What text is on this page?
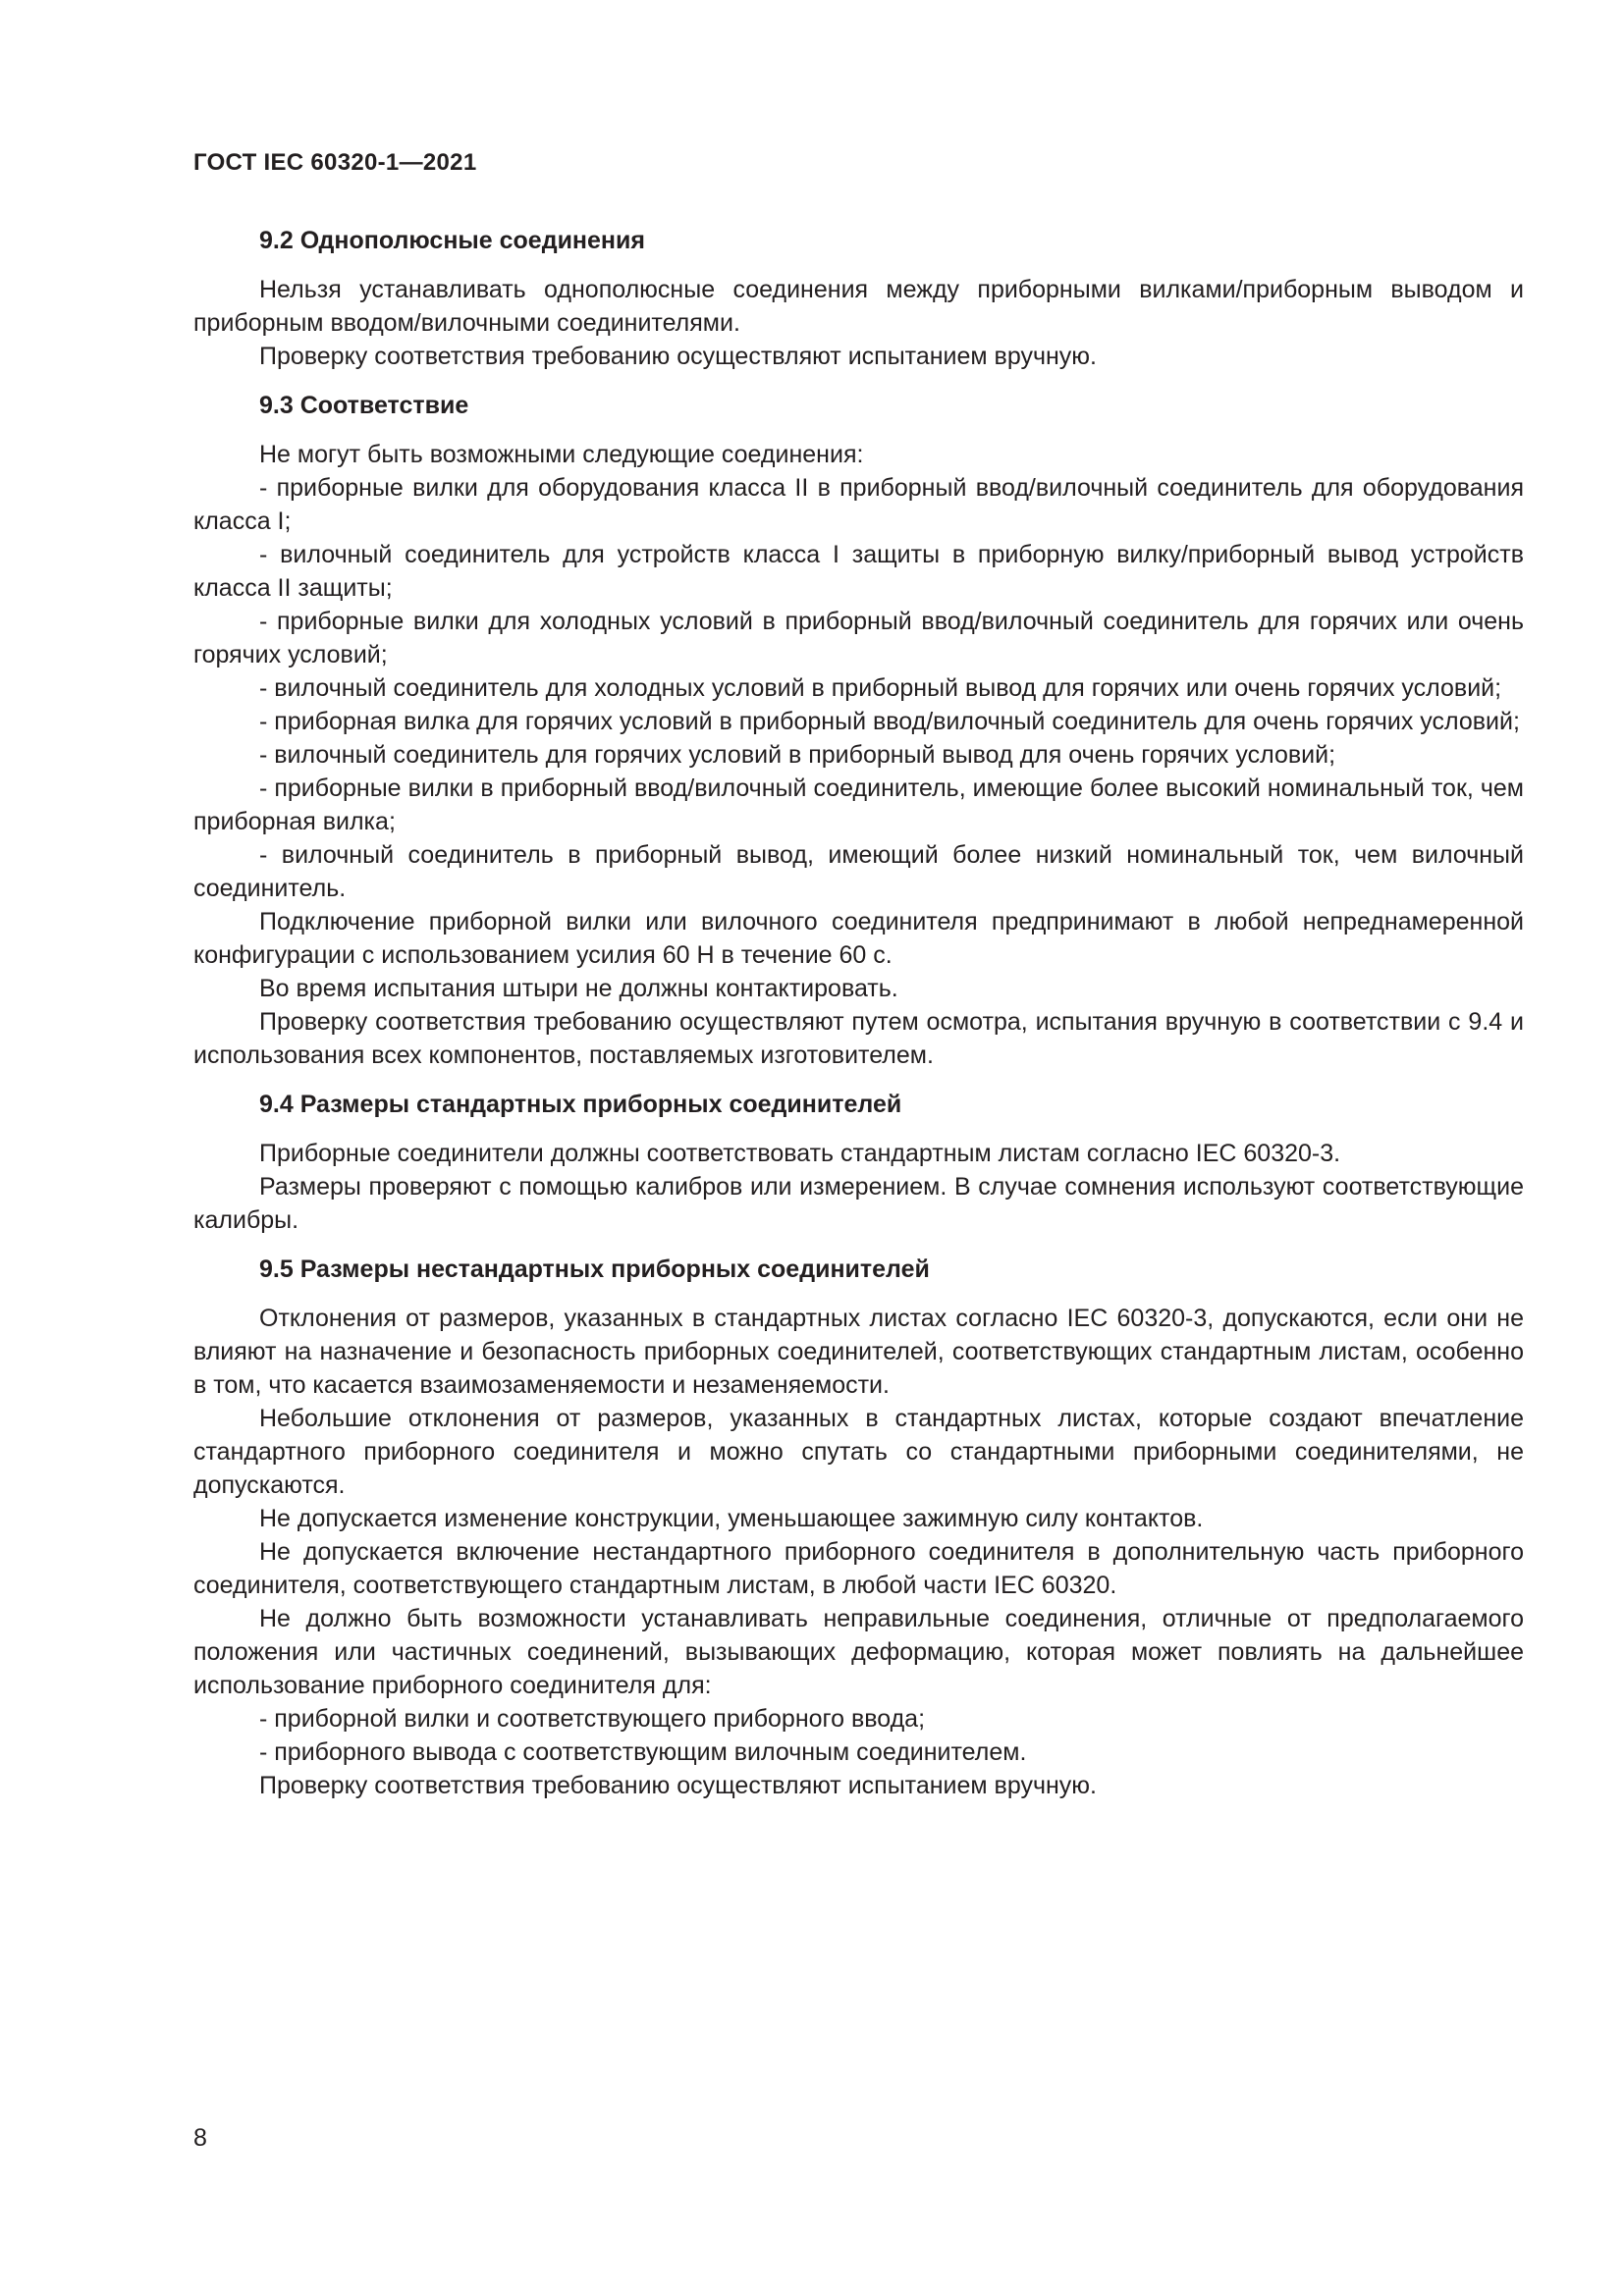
ГОСТ IEC 60320-1—2021

9.2 Однополюсные соединения

Нельзя устанавливать однополюсные соединения между приборными вилками/приборным выводом и приборным вводом/вилочными соединителями.

Проверку соответствия требованию осуществляют испытанием вручную.

9.3 Соответствие

Не могут быть возможными следующие соединения:

- приборные вилки для оборудования класса II в приборный ввод/вилочный соединитель для оборудования класса I;

- вилочный соединитель для устройств класса I защиты в приборную вилку/приборный вывод устройств класса II защиты;

- приборные вилки для холодных условий в приборный ввод/вилочный соединитель для горячих или очень горячих условий;

- вилочный соединитель для холодных условий в приборный вывод для горячих или очень горячих условий;

- приборная вилка для горячих условий в приборный ввод/вилочный соединитель для очень горячих условий;

- вилочный соединитель для горячих условий в приборный вывод для очень горячих условий;

- приборные вилки в приборный ввод/вилочный соединитель, имеющие более высокий номинальный ток, чем приборная вилка;

- вилочный соединитель в приборный вывод, имеющий более низкий номинальный ток, чем вилочный соединитель.

Подключение приборной вилки или вилочного соединителя предпринимают в любой непреднамеренной конфигурации с использованием усилия 60 Н в течение 60 с.

Во время испытания штыри не должны контактировать.

Проверку соответствия требованию осуществляют путем осмотра, испытания вручную в соответствии с 9.4 и использования всех компонентов, поставляемых изготовителем.

9.4 Размеры стандартных приборных соединителей

Приборные соединители должны соответствовать стандартным листам согласно IEC 60320-3.

Размеры проверяют с помощью калибров или измерением. В случае сомнения используют соответствующие калибры.

9.5 Размеры нестандартных приборных соединителей

Отклонения от размеров, указанных в стандартных листах согласно IEC 60320-3, допускаются, если они не влияют на назначение и безопасность приборных соединителей, соответствующих стандартным листам, особенно в том, что касается взаимозаменяемости и незаменяемости.

Небольшие отклонения от размеров, указанных в стандартных листах, которые создают впечатление стандартного приборного соединителя и можно спутать со стандартными приборными соединителями, не допускаются.

Не допускается изменение конструкции, уменьшающее зажимную силу контактов.

Не допускается включение нестандартного приборного соединителя в дополнительную часть приборного соединителя, соответствующего стандартным листам, в любой части IEC 60320.

Не должно быть возможности устанавливать неправильные соединения, отличные от предполагаемого положения или частичных соединений, вызывающих деформацию, которая может повлиять на дальнейшее использование приборного соединителя для:

- приборной вилки и соответствующего приборного ввода;

- приборного вывода с соответствующим вилочным соединителем.

Проверку соответствия требованию осуществляют испытанием вручную.

8
